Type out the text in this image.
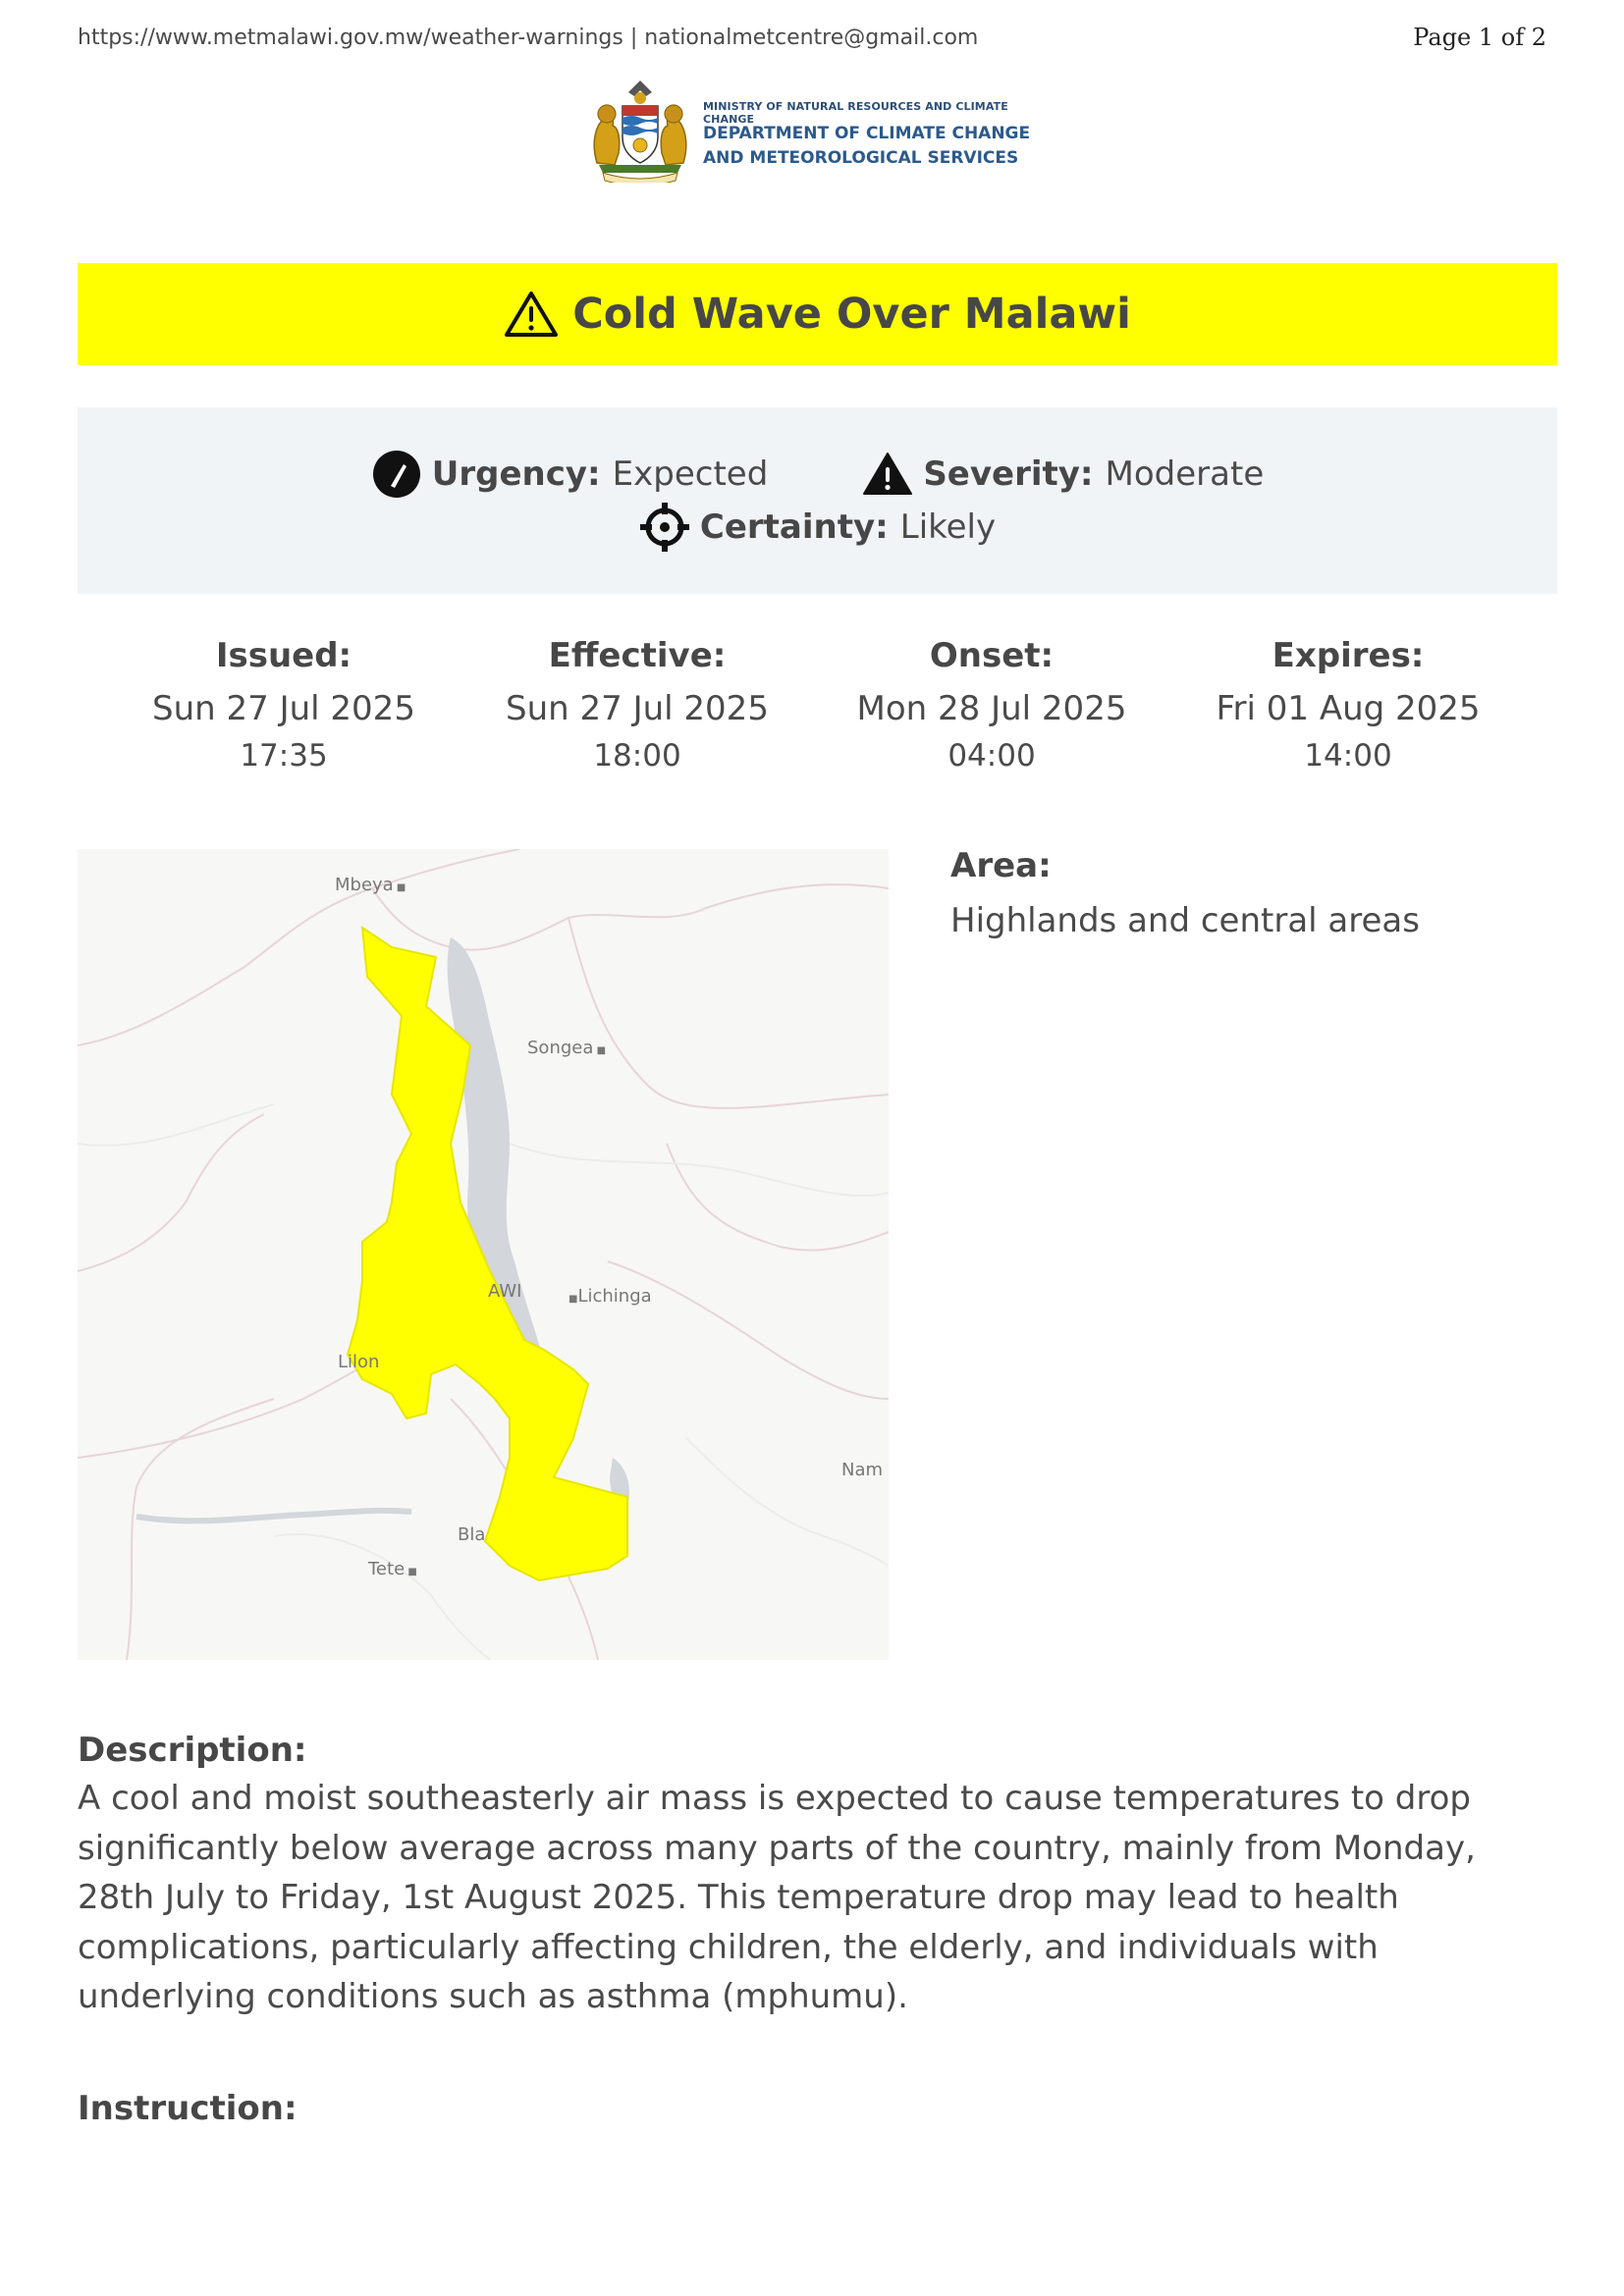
https://www.metmalawi.gov.mw/weather-warnings | nationalmetcentre@gmail.com	Page 1 of 2
MINISTRY OF NATURAL RESOURCES AND CLIMATE CHANGE
DEPARTMENT OF CLIMATE CHANGE
AND METEOROLOGICAL SERVICES
Cold Wave Over Malawi
Urgency: Expected	Severity: Moderate
Certainty: Likely
Issued:
Sun 27 Jul 2025
17:35
Effective:
Sun 27 Jul 2025
18:00
Onset:
Mon 28 Jul 2025
04:00
Expires:
Fri 01 Aug 2025
14:00
Mbeya ■
Songea ■
AWI	■Lichinga
Lilon
Nam
Bla
Tete ■
Area:
Highlands and central areas
Description:
A cool and moist southeasterly air mass is expected to cause temperatures to drop significantly below average across many parts of the country, mainly from Monday, 28th July to Friday, 1st August 2025. This temperature drop may lead to health complications, particularly affecting children, the elderly, and individuals with underlying conditions such as asthma (mphumu).
Instruction:
